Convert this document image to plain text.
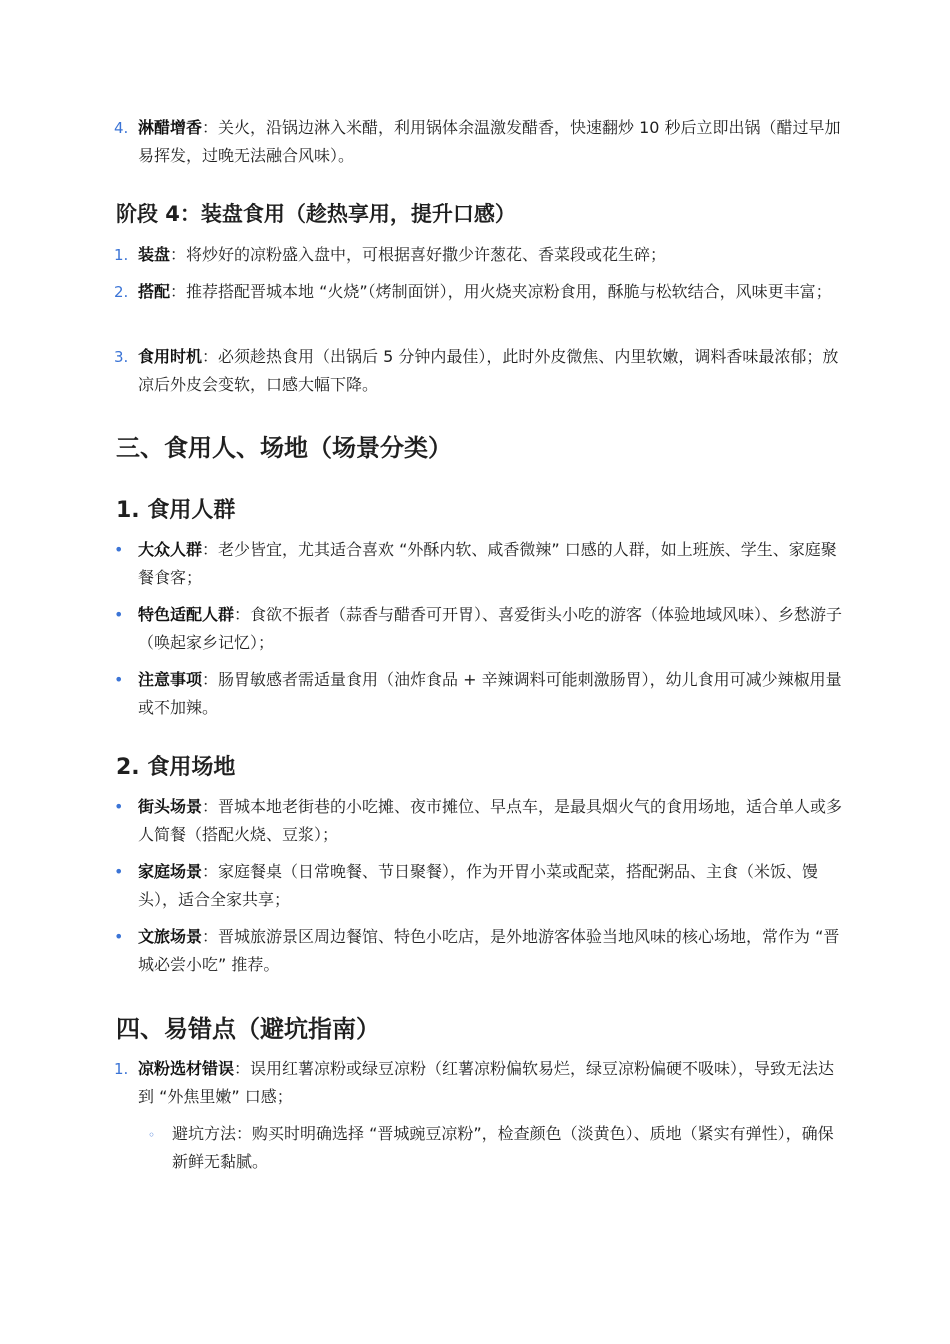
4. 淋醋增香：关火，沿锅边淋入米醋，利用锅体余温激发醋香，快速翻炒 10 秒后立即出锅（醋过早加易挥发，过晚无法融合风味）。
阶段 4：装盘食用（趁热享用，提升口感）
1. 装盘：将炒好的凉粉盛入盘中，可根据喜好撒少许葱花、香菜段或花生碎；
2. 搭配：推荐搭配晋城本地 “火烧”（烤制面饼），用火烧夹凉粉食用，酥脆与松软结合，风味更丰富；
3. 食用时机：必须趁热食用（出锅后 5 分钟内最佳），此时外皮微焦、内里软嫩，调料香味最浓郁；放凉后外皮会变软，口感大幅下降。
三、食用人、场地（场景分类）
1. 食用人群
• 大众人群：老少皆宜，尤其适合喜欢 “外酥内软、咸香微辣” 口感的人群，如上班族、学生、家庭聚餐食客；
• 特色适配人群：食欲不振者（蒜香与醋香可开胃）、喜爱街头小吃的游客（体验地域风味）、乡愁游子（唤起家乡记忆）；
• 注意事项：肠胃敏感者需适量食用（油炸食品 + 辛辣调料可能刺激肠胃），幼儿食用可减少辣椒用量或不加辣。
2. 食用场地
• 街头场景：晋城本地老街巷的小吃摊、夜市摊位、早点车，是最具烟火气的食用场地，适合单人或多人简餐（搭配火烧、豆浆）；
• 家庭场景：家庭餐桌（日常晚餐、节日聚餐），作为开胃小菜或配菜，搭配粥品、主食（米饭、馒头），适合全家共享；
• 文旅场景：晋城旅游景区周边餐馆、特色小吃店，是外地游客体验当地风味的核心场地，常作为 “晋城必尝小吃” 推荐。
四、易错点（避坑指南）
1. 凉粉选材错误：误用红薯凉粉或绿豆凉粉（红薯凉粉偏软易烂，绿豆凉粉偏硬不吸味），导致无法达到 “外焦里嫩” 口感；
◦ 避坑方法：购买时明确选择 “晋城豌豆凉粉”，检查颜色（淡黄色）、质地（紧实有弹性），确保新鲜无黏腻。
